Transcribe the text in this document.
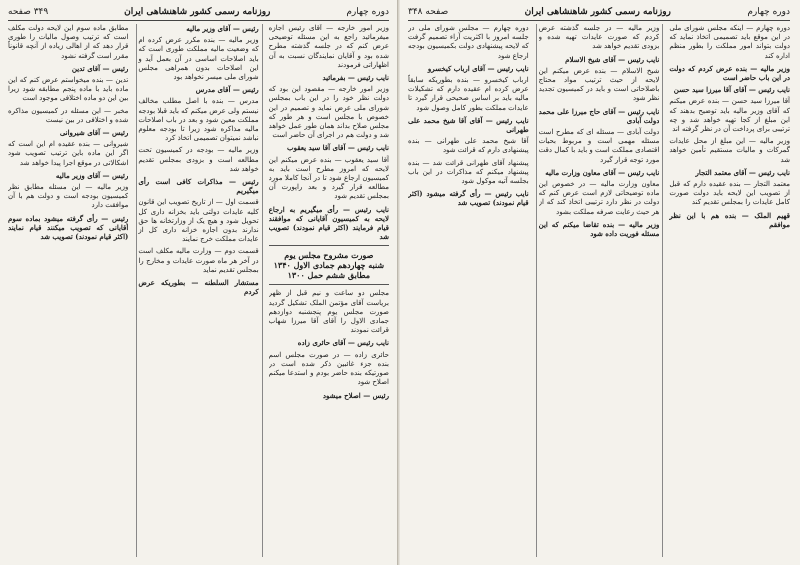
دوره چهارم
روزنامه رسمی کشور شاهنشاهی ایران
۳۴۹ صفحه

وزیر امور خارجه — آقای رئیس اجازه میفرمائید راجع به این مسئله توضیحی عرض کنم که در جلسه گذشته مطرح شده بود و آقایان نمایندگان نسبت به آن اظهاراتی فرمودند

نایب رئیس — بفرمائید

وزیر امور خارجه — مقصود این بود که دولت نظر خود را در این باب بمجلس شورای ملی عرض نماید و تصمیم در این خصوص با مجلس است و هر طور که مجلس صلاح بداند همان طور عمل خواهد شد و دولت هم در اجرای آن حاضر است

نایب رئیس — آقای آقا سید یعقوب

آقا سید یعقوب — بنده عرض میکنم این لایحه که امروز مطرح است باید به کمیسیون ارجاع شود تا در آنجا کاملا مورد مطالعه قرار گیرد و بعد راپورت آن بمجلس تقدیم شود

نایب رئیس — رأی میگیریم به ارجاع لایحه به کمیسیون آقایانی که موافقند قیام فرمایند (اکثر قیام نمودند) تصویب شد

صورت مشروح مجلس یوم
شنبه چهاردهم جمادی الاول ۱۳۴۰
مطابق ششم حمل ۱۳۰۰

مجلس دو ساعت و نیم قبل از ظهر بریاست آقای مؤتمن الملک تشکیل گردید صورت مجلس یوم پنجشنبه دوازدهم جمادی الاول را آقای آقا میرزا شهاب قرائت نمودند

نایب رئیس — آقای حائری زاده

حائری زاده — در صورت مجلس اسم بنده جزء غائبین ذکر شده است در صورتیکه بنده حاضر بودم و استدعا میکنم اصلاح شود

رئیس — اصلاح میشود

رئیس — آقای وزیر مالیه

وزیر مالیه — بنده مکرر عرض کرده ام که وضعیت مالیه مملکت طوری است که باید اصلاحات اساسی در آن بعمل آید و این اصلاحات بدون همراهی مجلس شورای ملی میسر نخواهد بود

رئیس — آقای مدرس

مدرس — بنده با اصل مطلب مخالف نیستم ولی عرض میکنم که باید قبلا بودجه مملکت معین شود و بعد در باب اصلاحات مالیه مذاکره شود زیرا تا بودجه معلوم نباشد نمیتوان تصمیمی اتخاذ کرد

وزیر مالیه — بودجه در کمیسیون تحت مطالعه است و بزودی بمجلس تقدیم خواهد شد

رئیس — مذاکرات کافی است رأی میگیریم

قسمت اول — از تاریخ تصویب این قانون کلیه عایدات دولتی باید بخزانه داری کل تحویل شود و هیچ یک از وزارتخانه ها حق ندارند بدون اجازه خزانه داری کل از عایدات مملکت خرج نمایند

قسمت دوم — وزارت مالیه مکلف است در آخر هر ماه صورت عایدات و مخارج را بمجلس تقدیم نماید

مستشار السلطنه — بطوریکه عرض کردم

مطابق ماده سوم این لایحه دولت مکلف است که ترتیب وصول مالیات را طوری قرار دهد که از اهالی زیاده از آنچه قانوناً مقرر است گرفته نشود

رئیس — آقای تدین

تدین — بنده میخواستم عرض کنم که این ماده باید با ماده پنجم مطابقه شود زیرا بین این دو ماده اختلافی موجود است

مخبر — این مسئله در کمیسیون مذاکره شده و اختلافی در بین نیست

رئیس — آقای شیروانی

شیروانی — بنده عقیده ام این است که اگر این ماده باین ترتیب تصویب شود اشکالاتی در موقع اجرا پیدا خواهد شد

رئیس — آقای وزیر مالیه

وزیر مالیه — این مسئله مطابق نظر کمیسیون بودجه است و دولت هم با آن موافقت دارد

رئیس — رأی گرفته میشود بماده سوم آقایانی که تصویب میکنند قیام نمایند (اکثر قیام نمودند) تصویب شد

دوره چهارم
روزنامه رسمی کشور شاهنشاهی ایران
صفحه ۳۴۸

دوره چهارم — اینکه مجلس شورای ملی در این موقع باید تصمیمی اتخاذ نماید که دولت بتواند امور مملکت را بطور منظم اداره کند

وزیر مالیه — بنده عرض کردم که دولت در این باب حاضر است

نایب رئیس — آقای آقا میرزا سید حسن

آقا میرزا سید حسن — بنده عرض میکنم که آقای وزیر مالیه باید توضیح بدهند که این مبلغ از کجا تهیه خواهد شد و چه ترتیبی برای پرداخت آن در نظر گرفته اند

وزیر مالیه — این مبلغ از محل عایدات گمرکات و مالیات مستقیم تأمین خواهد شد

نایب رئیس — آقای معتمد التجار

معتمد التجار — بنده عقیده دارم که قبل از تصویب این لایحه باید دولت صورت کامل عایدات را بمجلس تقدیم کند

قهیم الملک — بنده هم با این نظر موافقم

وزیر مالیه — در جلسه گذشته عرض کردم که صورت عایدات تهیه شده و بزودی تقدیم خواهد شد

نایب رئیس — آقای شیخ الاسلام

شیخ الاسلام — بنده عرض میکنم این لایحه از حیث ترتیب مواد محتاج باصلاحاتی است و باید در کمیسیون تجدید نظر شود

نایب رئیس — آقای حاج میرزا علی محمد دولت آبادی

دولت آبادی — مسئله ای که مطرح است مسئله مهمی است و مربوط بحیات اقتصادی مملکت است و باید با کمال دقت مورد توجه قرار گیرد

نایب رئیس — آقای معاون وزارت مالیه

معاون وزارت مالیه — در خصوص این ماده توضیحاتی لازم است عرض کنم که دولت در نظر دارد ترتیبی اتخاذ کند که از هر حیث رعایت صرفه مملکت بشود

وزیر مالیه — بنده تقاضا میکنم که این مسئله فوریت داده شود

دوره چهارم — مجلس شورای ملی در جلسه امروز با اکثریت آراء تصمیم گرفت که لایحه پیشنهادی دولت بکمیسیون بودجه ارجاع شود

نایب رئیس — آقای ارباب کیخسرو

ارباب کیخسرو — بنده بطوریکه سابقاً عرض کرده ام عقیده دارم که تشکیلات مالیه باید بر اساس صحیحی قرار گیرد تا عایدات مملکت بطور کامل وصول شود

نایب رئیس — آقای آقا شیخ محمد علی طهرانی

آقا شیخ محمد علی طهرانی — بنده پیشنهادی دارم که قرائت شود

پیشنهاد آقای طهرانی قرائت شد — بنده پیشنهاد میکنم که مذاکرات در این باب بجلسه آتیه موکول شود

نایب رئیس — رأی گرفته میشود (اکثر قیام نمودند) تصویب شد
